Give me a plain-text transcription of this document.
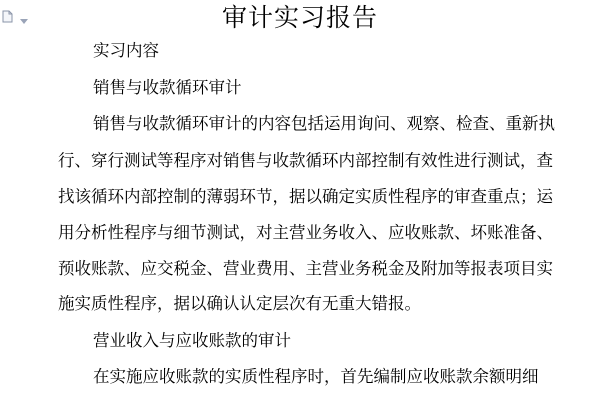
审计实习报告
实习内容
销售与收款循环审计
销售与收款循环审计的内容包括运用询问、观察、检查、重新执
行、穿行测试等程序对销售与收款循环内部控制有效性进行测试，查
找该循环内部控制的薄弱环节，据以确定实质性程序的审查重点；运
用分析性程序与细节测试，对主营业务收入、应收账款、坏账准备、
预收账款、应交税金、营业费用、主营业务税金及附加等报表项目实
施实质性程序，据以确认认定层次有无重大错报。
营业收入与应收账款的审计
在实施应收账款的实质性程序时，首先编制应收账款余额明细
